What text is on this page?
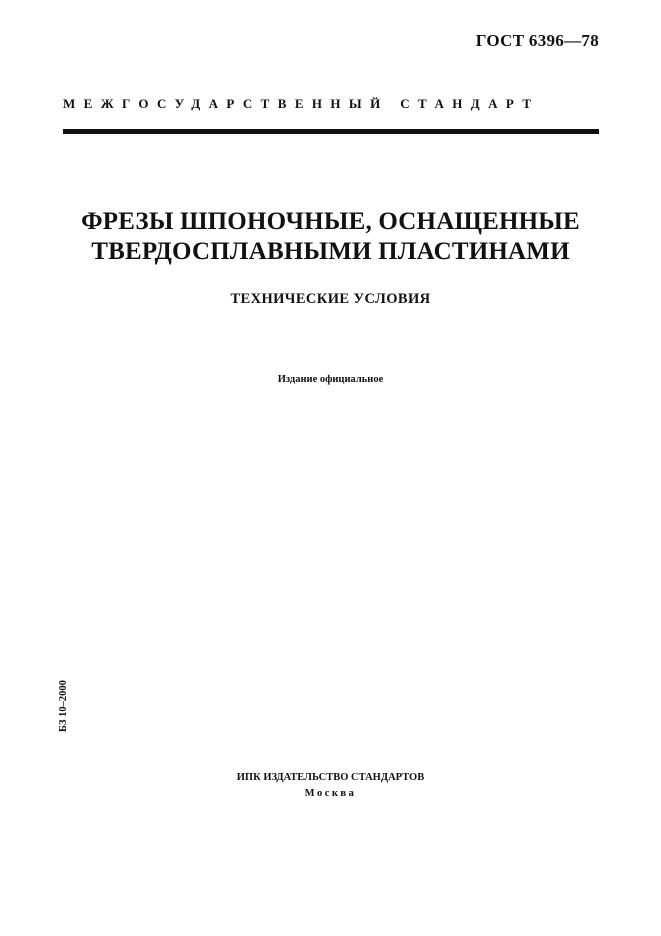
ГОСТ 6396—78
МЕЖГОСУДАРСТВЕННЫЙ СТАНДАРТ
ФРЕЗЫ ШПОНОЧНЫЕ, ОСНАЩЕННЫЕ
ТВЕРДОСПЛАВНЫМИ ПЛАСТИНАМИ
ТЕХНИЧЕСКИЕ УСЛОВИЯ
Издание официальное
БЗ 10–2000
ИПК ИЗДАТЕЛЬСТВО СТАНДАРТОВ
Москва
